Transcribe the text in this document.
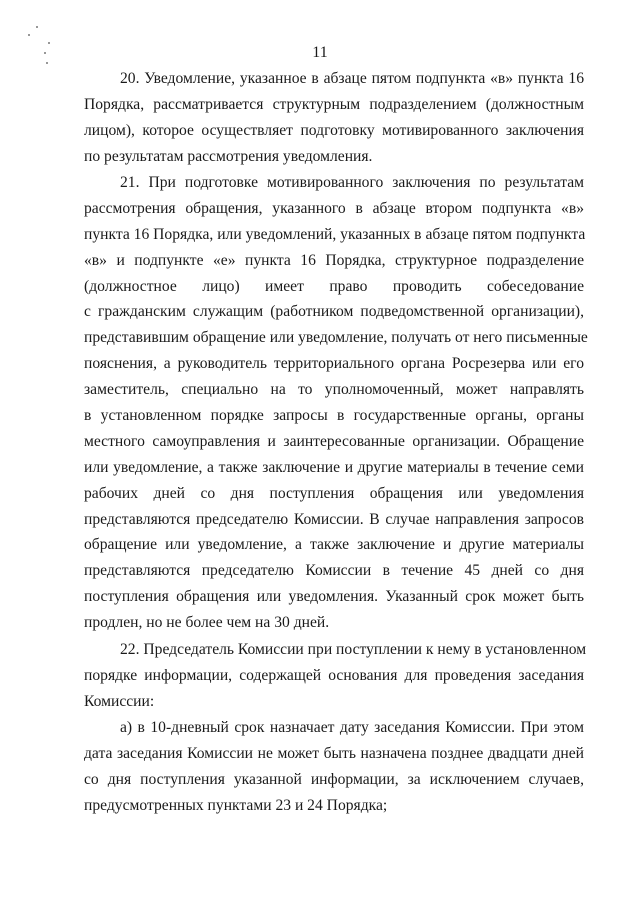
11
20. Уведомление, указанное в абзаце пятом подпункта «в» пункта 16
Порядка, рассматривается структурным подразделением (должностным
лицом), которое осуществляет подготовку мотивированного заключения
по результатам рассмотрения уведомления.
21. При подготовке мотивированного заключения по результатам
рассмотрения обращения, указанного в абзаце втором подпункта «в»
пункта 16 Порядка, или уведомлений, указанных в абзаце пятом подпункта
«в» и подпункте «е» пункта 16 Порядка, структурное подразделение
(должностное лицо) имеет право проводить собеседование
с гражданским служащим (работником подведомственной организации),
представившим обращение или уведомление, получать от него письменные
пояснения, а руководитель территориального органа Росрезерва или его
заместитель, специально на то уполномоченный, может направлять
в установленном порядке запросы в государственные органы, органы
местного самоуправления и заинтересованные организации. Обращение
или уведомление, а также заключение и другие материалы в течение семи
рабочих дней со дня поступления обращения или уведомления
представляются председателю Комиссии. В случае направления запросов
обращение или уведомление, а также заключение и другие материалы
представляются председателю Комиссии в течение 45 дней со дня
поступления обращения или уведомления. Указанный срок может быть
продлен, но не более чем на 30 дней.
22. Председатель Комиссии при поступлении к нему в установленном
порядке информации, содержащей основания для проведения заседания
Комиссии:
а) в 10-дневный срок назначает дату заседания Комиссии. При этом
дата заседания Комиссии не может быть назначена позднее двадцати дней
со дня поступления указанной информации, за исключением случаев,
предусмотренных пунктами 23 и 24 Порядка;
